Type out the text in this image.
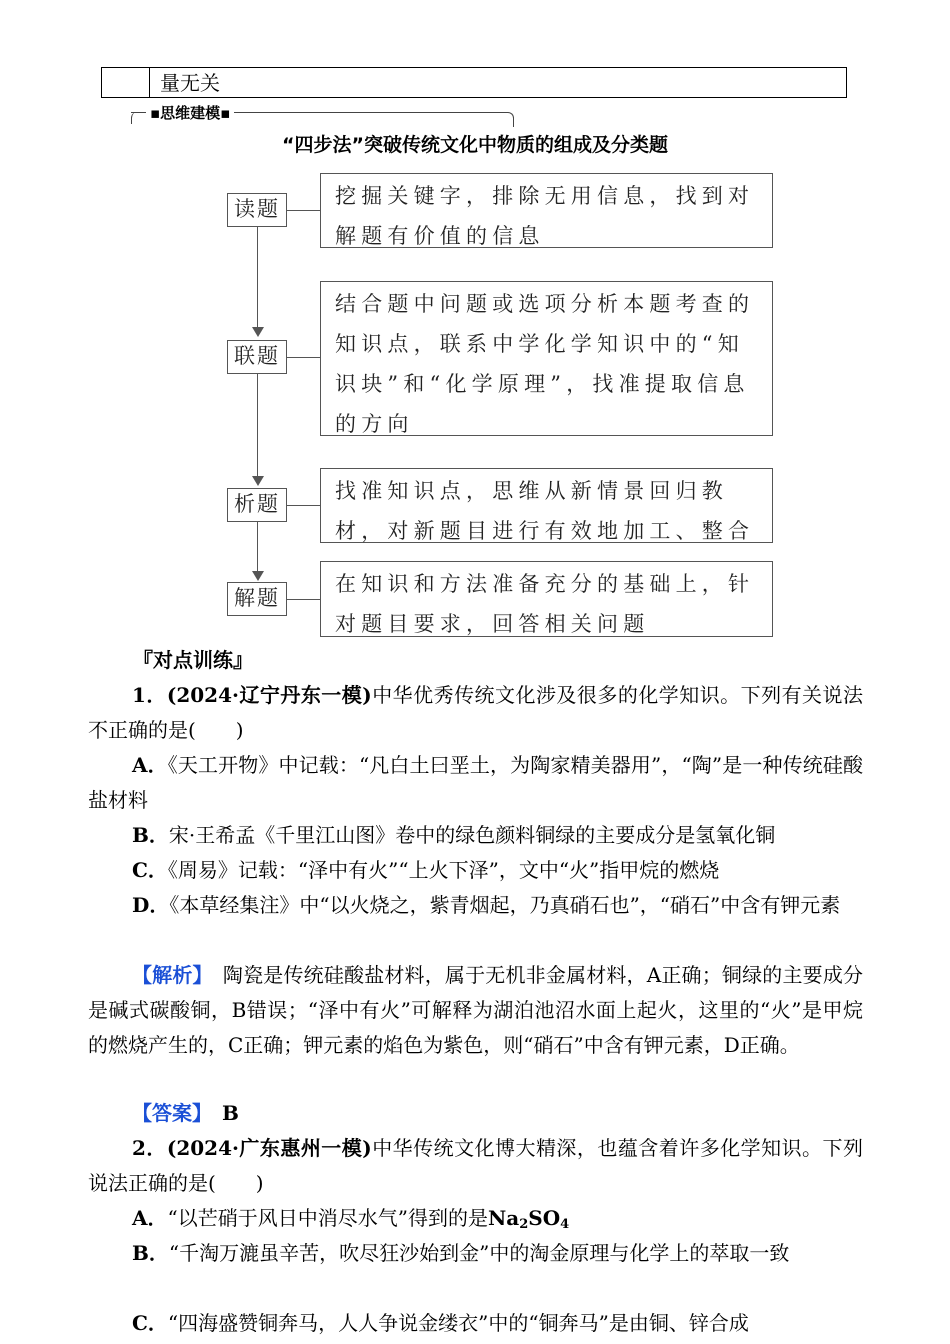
量无关
▪思维建模▪
“四步法”突破传统文化中物质的组成及分类题
读题
挖掘关键字，排除无用信息，找到对解题有价值的信息
联题
结合题中问题或选项分析本题考查的知识点，联系中学化学知识中的“知识块”和“化学原理”，找准提取信息的方向
析题
找准知识点，思维从新情景回归教材，对新题目进行有效地加工、整合
解题
在知识和方法准备充分的基础上，针对题目要求，回答相关问题
『对点训练』
1．(2024·辽宁丹东一模)中华优秀传统文化涉及很多的化学知识。下列有关说法不正确的是(　　)
A．《天工开物》中记载：“凡白土曰垩土，为陶家精美器用”，“陶”是一种传统硅酸盐材料
B．宋·王希孟《千里江山图》卷中的绿色颜料铜绿的主要成分是氢氧化铜
C．《周易》记载：“泽中有火”“上火下泽”，文中“火”指甲烷的燃烧
D．《本草经集注》中“以火烧之，紫青烟起，乃真硝石也”，“硝石”中含有钾元素
【解析】　陶瓷是传统硅酸盐材料，属于无机非金属材料，A正确；铜绿的主要成分是碱式碳酸铜，B错误；“泽中有火”可解释为湖泊池沼水面上起火，这里的“火”是甲烷的燃烧产生的，C正确；钾元素的焰色为紫色，则“硝石”中含有钾元素，D正确。
【答案】　B
2．(2024·广东惠州一模)中华传统文化博大精深，也蕴含着许多化学知识。下列说法正确的是(　　)
A．“以芒硝于风日中消尽水气”得到的是$Na_2SO_4$
B．“千淘万漉虽辛苦，吹尽狂沙始到金”中的淘金原理与化学上的萃取一致
C．“四海盛赞铜奔马，人人争说金缕衣”中的“铜奔马”是由铜、锌合成
